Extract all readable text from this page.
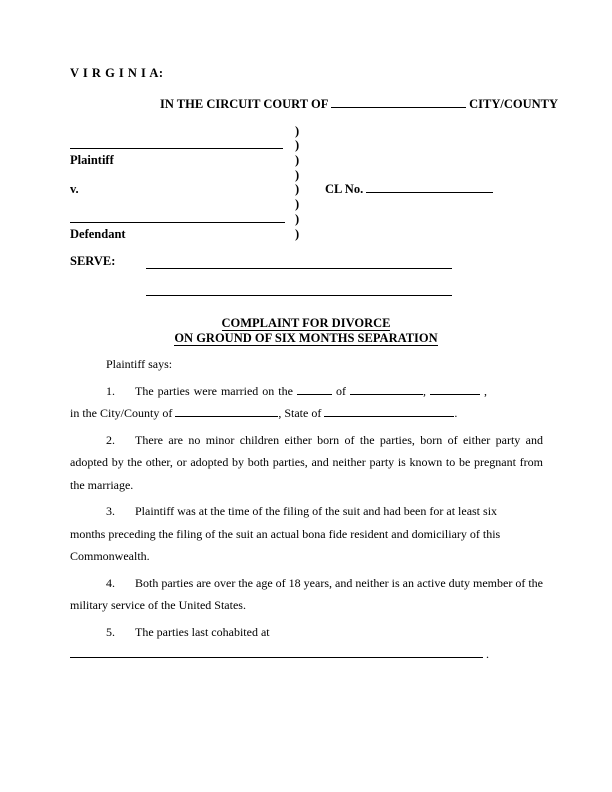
V I R G I N I A:
IN THE CIRCUIT COURT OF	CITY/COUNTY
)
)
Plaintiff	)
)
v.	)	CL No.
)
)
Defendant	)
SERVE:
COMPLAINT FOR DIVORCE
ON GROUND OF SIX MONTHS SEPARATION
Plaintiff says:
1. The parties were married on the	of	,	,
in the City/County of	, State of	.
2. There are no minor children either born of the parties, born of either party and
adopted by the other, or adopted by both parties, and neither party is known to be pregnant from
the marriage.
3. Plaintiff was at the time of the filing of the suit and had been for at least six
months preceding the filing of the suit an actual bona fide resident and domiciliary of this
Commonwealth.
4. Both parties are over the age of 18 years, and neither is an active duty member of the
military service of the United States.
5. The parties last cohabited at
.
